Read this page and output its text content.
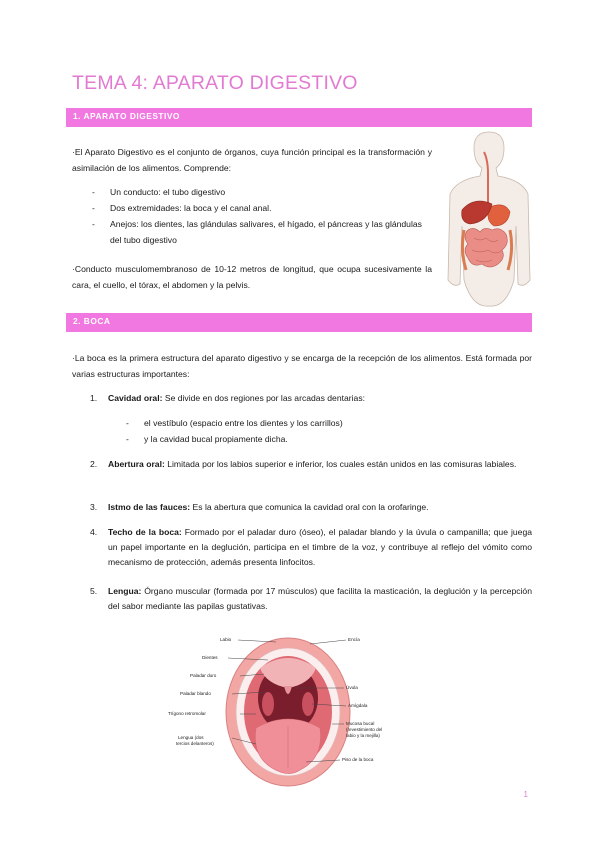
TEMA 4: APARATO DIGESTIVO
1. APARATO DIGESTIVO
·El Aparato Digestivo es el conjunto de órganos, cuya función principal es la transformación y asimilación de los alimentos. Comprende:
- Un conducto: el tubo digestivo
- Dos extremidades: la boca y el canal anal.
- Anejos: los dientes, las glándulas salivares, el hígado, el páncreas y las glándulas del tubo digestivo
·Conducto musculomembranoso de 10-12 metros de longitud, que ocupa sucesivamente la cara, el cuello, el tórax, el abdomen y la pelvis.
2. BOCA
·La boca es la primera estructura del aparato digestivo y se encarga de la recepción de los alimentos. Está formada por varias estructuras importantes:
1. Cavidad oral: Se divide en dos regiones por las arcadas dentarias:
- el vestíbulo (espacio entre los dientes y los carrillos)
- y la cavidad bucal propiamente dicha.
2. Abertura oral: Limitada por los labios superior e inferior, los cuales están unidos en las comisuras labiales.
3. Istmo de las fauces: Es la abertura que comunica la cavidad oral con la orofaringe.
4. Techo de la boca: Formado por el paladar duro (óseo), el paladar blando y la úvula o campanilla; que juega un papel importante en la deglución, participa en el timbre de la voz, y contribuye al reflejo del vómito como mecanismo de protección, además presenta linfocitos.
5. Lengua: Órgano muscular (formada por 17 músculos) que facilita la masticación, la deglución y la percepción del sabor mediante las papilas gustativas.
Labio
Dientes
Paladar duro
Paladar blando
Trígono retromolar
Lengua (dos
tercios delanteros)
Encía
Úvula
Amígdala
Mucosa bucal
(revestimiento del
labio y la mejilla)
Piso de la boca
1
